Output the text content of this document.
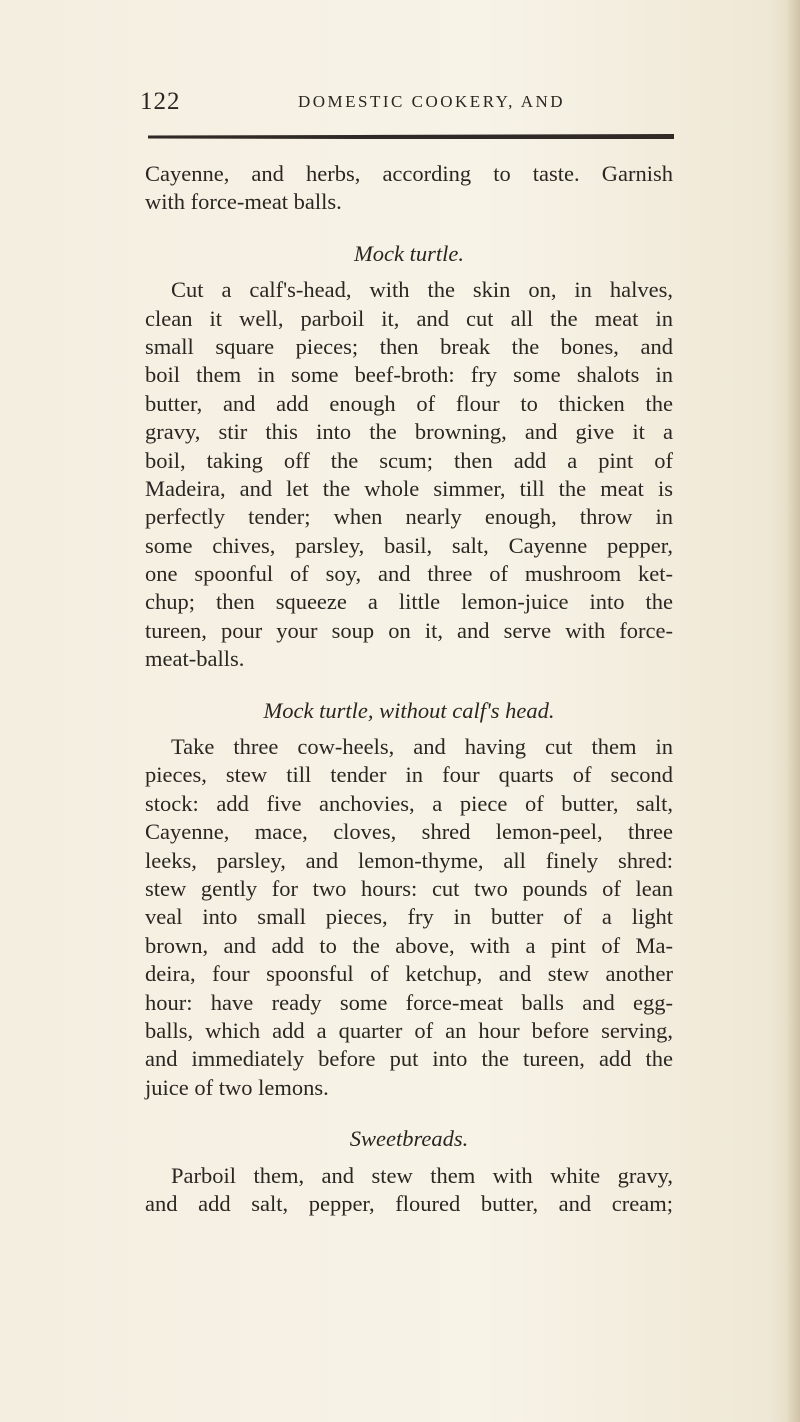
122	DOMESTIC COOKERY, AND
Cayenne, and herbs, according to taste. Garnish
with force-meat balls.
Mock turtle.
Cut a calf's-head, with the skin on, in halves,
clean it well, parboil it, and cut all the meat in
small square pieces; then break the bones, and
boil them in some beef-broth: fry some shalots in
butter, and add enough of flour to thicken the
gravy, stir this into the browning, and give it a
boil, taking off the scum; then add a pint of
Madeira, and let the whole simmer, till the meat is
perfectly tender; when nearly enough, throw in
some chives, parsley, basil, salt, Cayenne pepper,
one spoonful of soy, and three of mushroom ket-
chup; then squeeze a little lemon-juice into the
tureen, pour your soup on it, and serve with force-
meat-balls.
Mock turtle, without calf's head.
Take three cow-heels, and having cut them in
pieces, stew till tender in four quarts of second
stock: add five anchovies, a piece of butter, salt,
Cayenne, mace, cloves, shred lemon-peel, three
leeks, parsley, and lemon-thyme, all finely shred:
stew gently for two hours: cut two pounds of lean
veal into small pieces, fry in butter of a light
brown, and add to the above, with a pint of Ma-
deira, four spoonsful of ketchup, and stew another
hour: have ready some force-meat balls and egg-
balls, which add a quarter of an hour before serving,
and immediately before put into the tureen, add the
juice of two lemons.
Sweetbreads.
Parboil them, and stew them with white gravy,
and add salt, pepper, floured butter, and cream;
